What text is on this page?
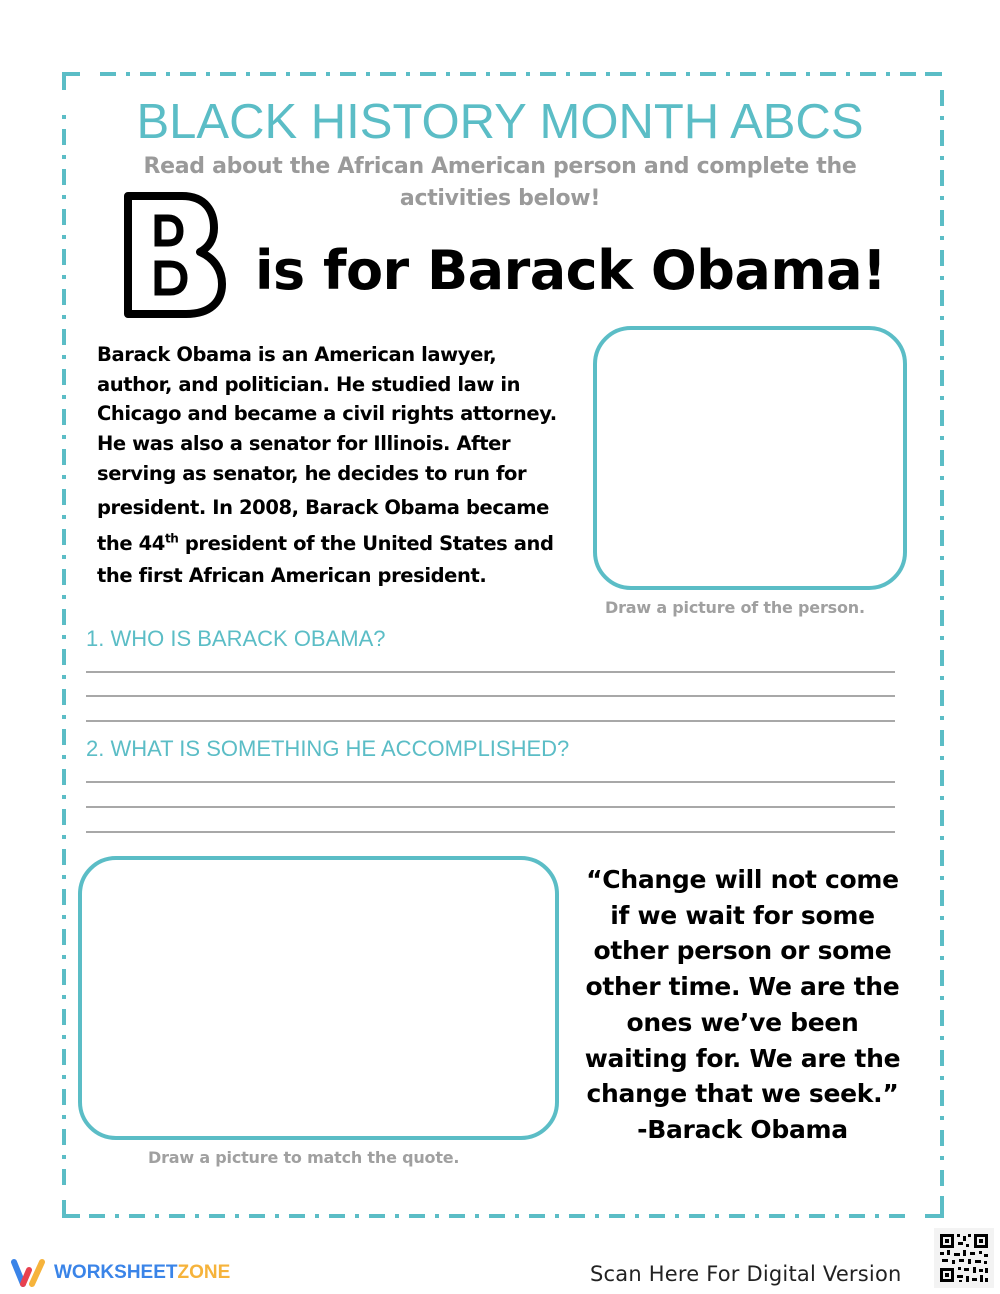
BLACK HISTORY MONTH ABCS
Read about the African American person and complete the activities below!
is for Barack Obama!

Barack Obama is an American lawyer,

author, and politician. He studied law in

Chicago and became a civil rights attorney.

He was also a senator for Illinois. After

serving as senator, he decides to run for

president. In 2008, Barack Obama became

the 44th president of the United States and

the first African American president.

Draw a picture of the person.
1. WHO IS BARACK OBAMA?
2. WHAT IS SOMETHING HE ACCOMPLISHED?
Draw a picture to match the quote.

“Change will not come

if we wait for some

other person or some

other time. We are the

ones we’ve been

waiting for. We are the

change that we seek.”

-Barack Obama

WORKSHEETZONE	Scan Here For Digital Version
